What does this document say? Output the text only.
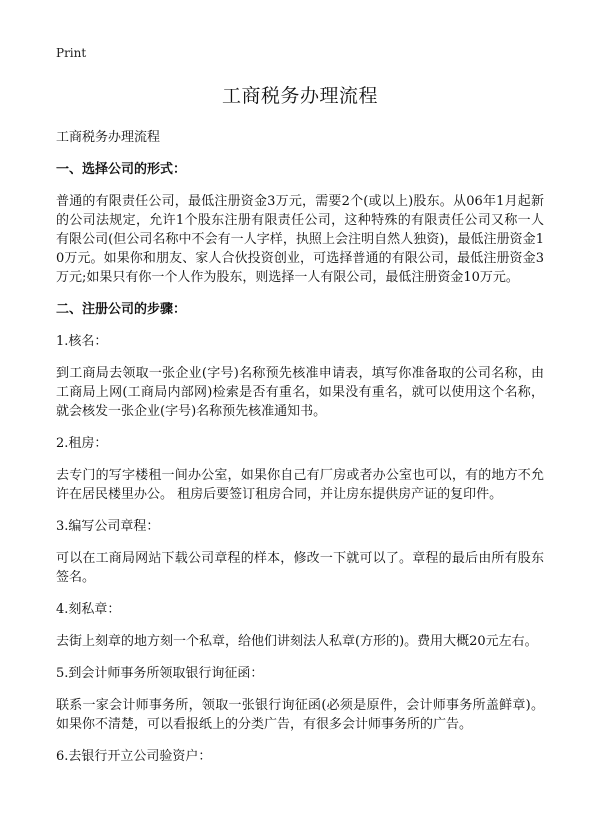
Print
工商税务办理流程
工商税务办理流程
一、选择公司的形式：
普通的有限责任公司，最低注册资金3万元，需要2个(或以上)股东。从06年1月起新的公司法规定，允许1个股东注册有限责任公司，这种特殊的有限责任公司又称一人有限公司(但公司名称中不会有一人字样，执照上会注明自然人独资)，最低注册资金10万元。如果你和朋友、家人合伙投资创业，可选择普通的有限公司，最低注册资金3万元;如果只有你一个人作为股东，则选择一人有限公司，最低注册资金10万元。
二、注册公司的步骤：
1.核名：
到工商局去领取一张企业(字号)名称预先核准申请表，填写你准备取的公司名称，由工商局上网(工商局内部网)检索是否有重名，如果没有重名，就可以使用这个名称，就会核发一张企业(字号)名称预先核准通知书。
2.租房：
去专门的写字楼租一间办公室，如果你自己有厂房或者办公室也可以，有的地方不允许在居民楼里办公。 租房后要签订租房合同，并让房东提供房产证的复印件。
3.编写公司章程：
可以在工商局网站下载公司章程的样本，修改一下就可以了。章程的最后由所有股东签名。
4.刻私章：
去街上刻章的地方刻一个私章，给他们讲刻法人私章(方形的)。费用大概20元左右。
5.到会计师事务所领取银行询征函：
联系一家会计师事务所，领取一张银行询征函(必须是原件，会计师事务所盖鲜章)。如果你不清楚，可以看报纸上的分类广告，有很多会计师事务所的广告。
6.去银行开立公司验资户：
